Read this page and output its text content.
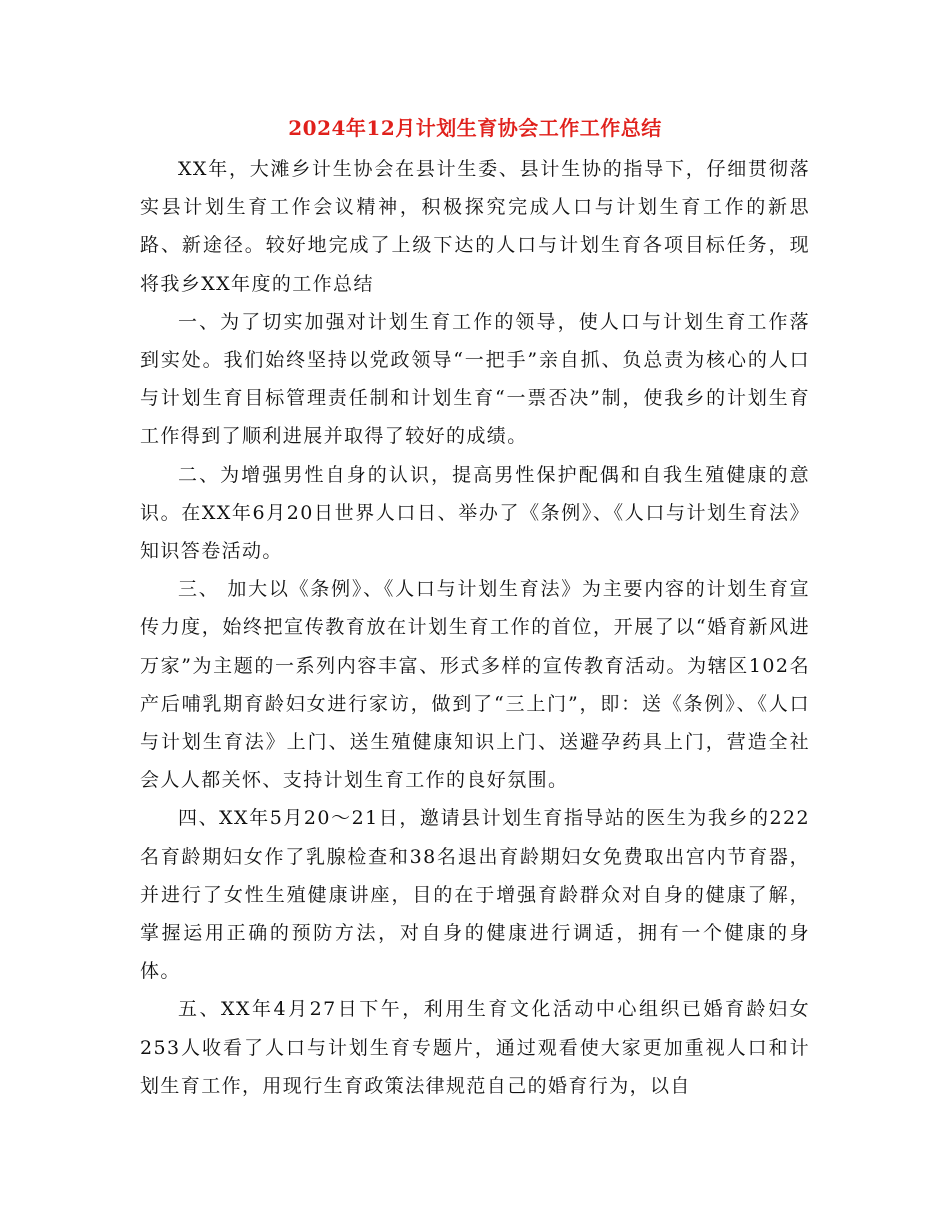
2024年12月计划生育协会工作工作总结

XX年，大滩乡计生协会在县计生委、县计生协的指导下，仔细贯彻落实县计划生育工作会议精神，积极探究完成人口与计划生育工作的新思路、新途径。较好地完成了上级下达的人口与计划生育各项目标任务，现将我乡XX年度的工作总结

一、为了切实加强对计划生育工作的领导，使人口与计划生育工作落到实处。我们始终坚持以党政领导“一把手”亲自抓、负总责为核心的人口与计划生育目标管理责任制和计划生育“一票否决”制，使我乡的计划生育工作得到了顺利进展并取得了较好的成绩。

二、为增强男性自身的认识，提高男性保护配偶和自我生殖健康的意识。在XX年6月20日世界人口日、举办了《条例》、《人口与计划生育法》知识答卷活动。

三、 加大以《条例》、《人口与计划生育法》为主要内容的计划生育宣传力度，始终把宣传教育放在计划生育工作的首位，开展了以“婚育新风进万家”为主题的一系列内容丰富、形式多样的宣传教育活动。为辖区102名产后哺乳期育龄妇女进行家访，做到了“三上门”，即：送《条例》、《人口与计划生育法》上门、送生殖健康知识上门、送避孕药具上门，营造全社会人人都关怀、支持计划生育工作的良好氛围。

四、XX年5月20～21日，邀请县计划生育指导站的医生为我乡的222名育龄期妇女作了乳腺检查和38名退出育龄期妇女免费取出宫内节育器，并进行了女性生殖健康讲座，目的在于增强育龄群众对自身的健康了解，掌握运用正确的预防方法，对自身的健康进行调适，拥有一个健康的身体。

五、XX年4月27日下午，利用生育文化活动中心组织已婚育龄妇女253人收看了人口与计划生育专题片，通过观看使大家更加重视人口和计划生育工作，用现行生育政策法律规范自己的婚育行为，以自
